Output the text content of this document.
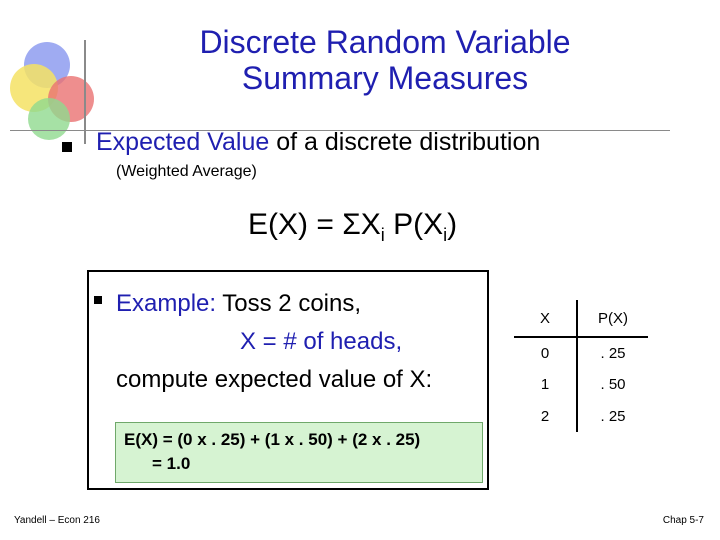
Discrete Random Variable
Summary Measures
Expected Value of a discrete distribution
(Weighted Average)
$E(X) = \Sigma X_i$ $P(X_i)$
Example: Toss 2 coins,
X = # of heads,
compute expected value of X:
E(X) = (0 x . 25) + (1 x . 50) + (2 x . 25)
= 1.0
X	P(X)
0	. 25
1	. 50
2	. 25
Yandell – Econ 216	Chap 5-7
